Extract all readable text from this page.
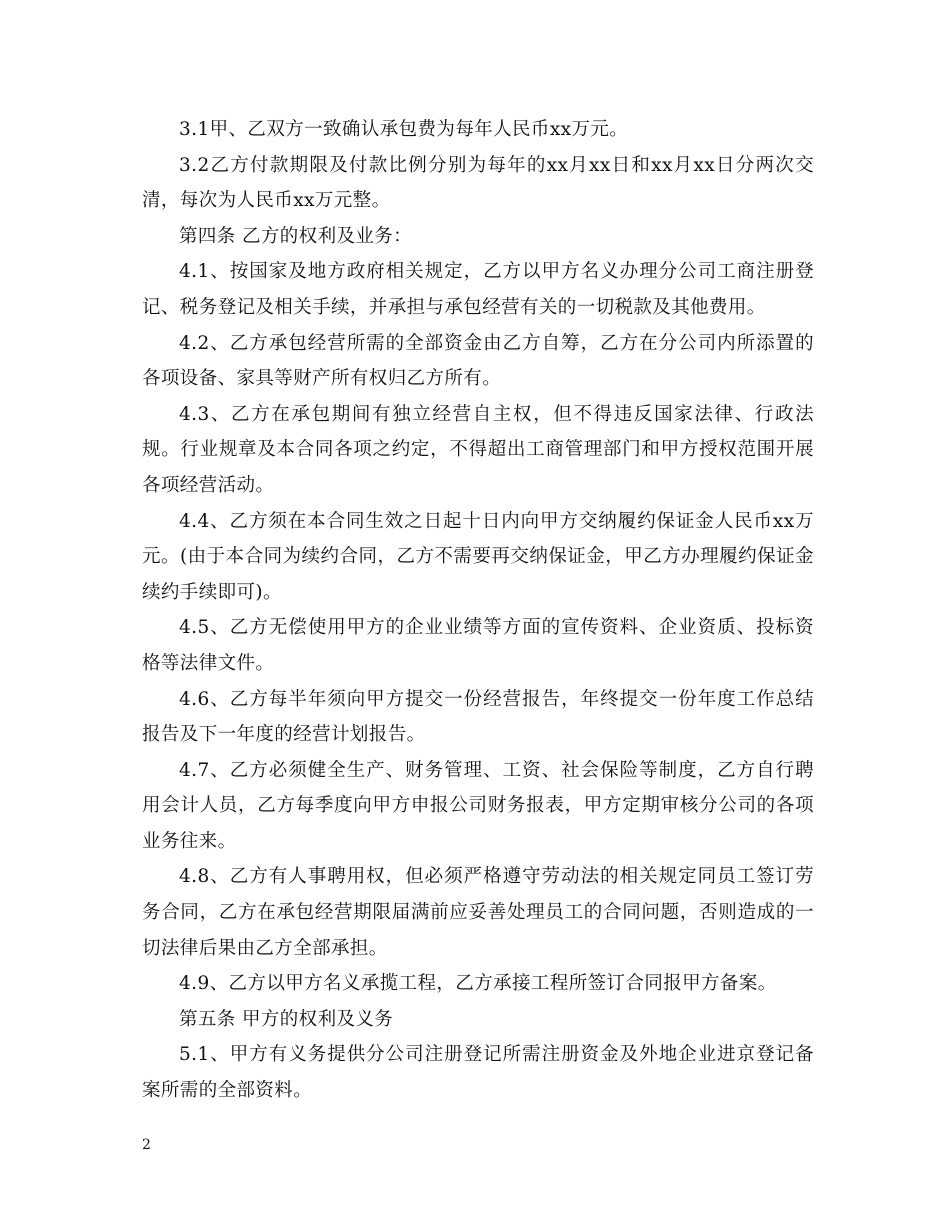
3.1甲、乙双方一致确认承包费为每年人民币xx万元。

3.2乙方付款期限及付款比例分别为每年的xx月xx日和xx月xx日分两次交清，每次为人民币xx万元整。

第四条 乙方的权利及业务：

4.1、按国家及地方政府相关规定，乙方以甲方名义办理分公司工商注册登记、税务登记及相关手续，并承担与承包经营有关的一切税款及其他费用。

4.2、乙方承包经营所需的全部资金由乙方自筹，乙方在分公司内所添置的各项设备、家具等财产所有权归乙方所有。

4.3、乙方在承包期间有独立经营自主权，但不得违反国家法律、行政法规。行业规章及本合同各项之约定，不得超出工商管理部门和甲方授权范围开展各项经营活动。

4.4、乙方须在本合同生效之日起十日内向甲方交纳履约保证金人民币xx万元。(由于本合同为续约合同，乙方不需要再交纳保证金，甲乙方办理履约保证金续约手续即可)。

4.5、乙方无偿使用甲方的企业业绩等方面的宣传资料、企业资质、投标资格等法律文件。

4.6、乙方每半年须向甲方提交一份经营报告，年终提交一份年度工作总结报告及下一年度的经营计划报告。

4.7、乙方必须健全生产、财务管理、工资、社会保险等制度，乙方自行聘用会计人员，乙方每季度向甲方申报公司财务报表，甲方定期审核分公司的各项业务往来。

4.8、乙方有人事聘用权，但必须严格遵守劳动法的相关规定同员工签订劳务合同，乙方在承包经营期限届满前应妥善处理员工的合同问题，否则造成的一切法律后果由乙方全部承担。

4.9、乙方以甲方名义承揽工程，乙方承接工程所签订合同报甲方备案。

第五条 甲方的权利及义务

5.1、甲方有义务提供分公司注册登记所需注册资金及外地企业进京登记备案所需的全部资料。

2
